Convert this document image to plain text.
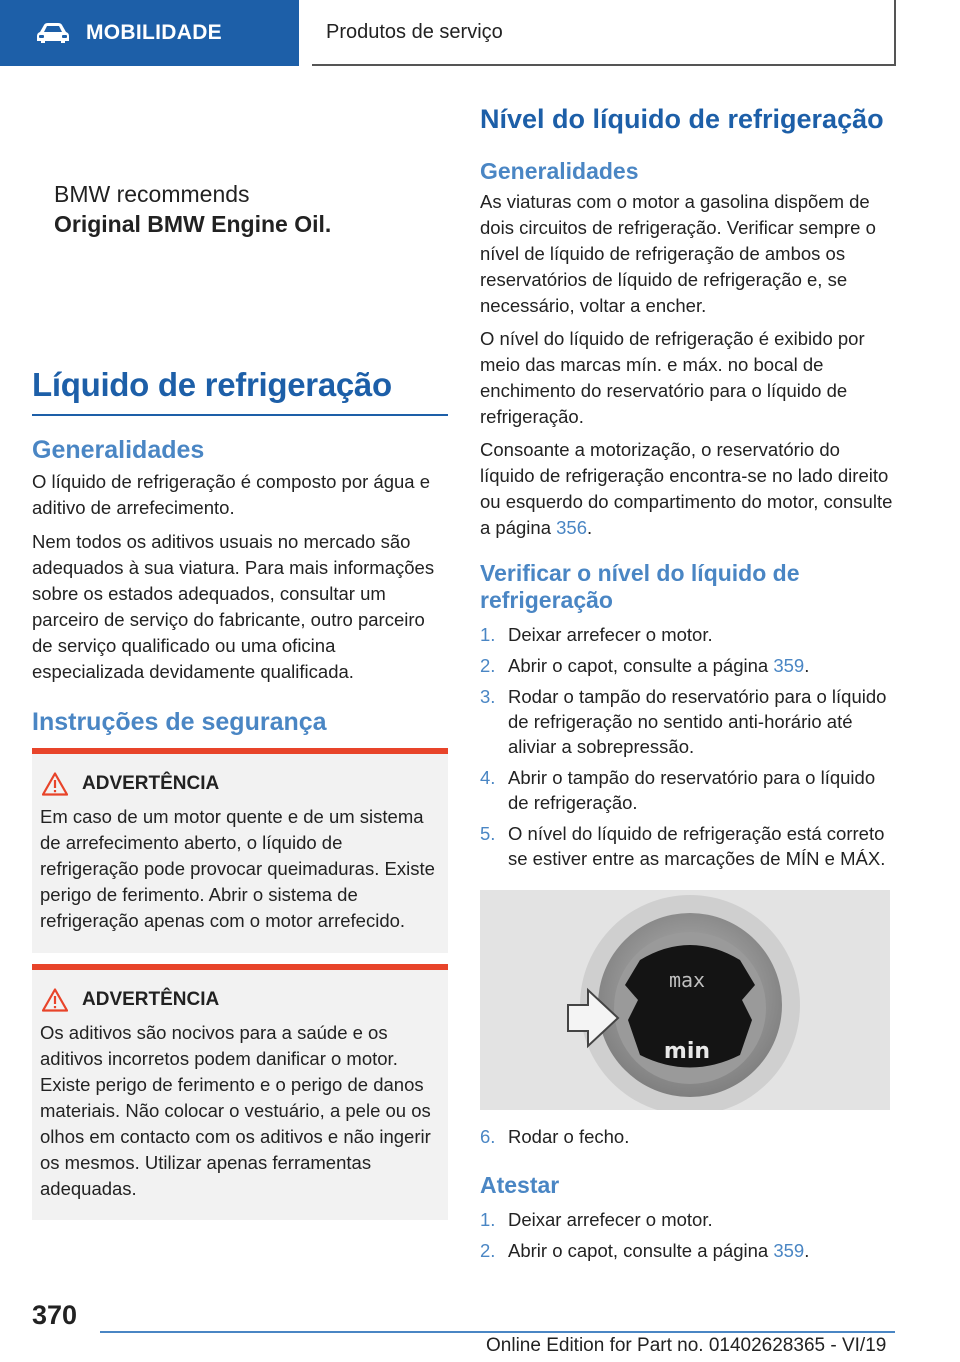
MOBILIDADE	Produtos de serviço
BMW recommends
Original BMW Engine Oil.
Líquido de refrigeração
Generalidades

O líquido de refrigeração é composto por água e aditivo de arrefecimento.

Nem todos os aditivos usuais no mercado são adequados à sua viatura. Para mais informações sobre os estados adequados, consultar um parceiro de serviço do fabricante, outro parceiro de serviço qualificado ou uma oficina especializada devidamente qualificada.

Instruções de segurança
ADVERTÊNCIA

Em caso de um motor quente e de um sistema de arrefecimento aberto, o líquido de refrigeração pode provocar queimaduras. Existe perigo de ferimento. Abrir o sistema de refrigeração apenas com o motor arrefecido.

ADVERTÊNCIA

Os aditivos são nocivos para a saúde e os aditivos incorretos podem danificar o motor. Existe perigo de ferimento e o perigo de danos materiais. Não colocar o vestuário, a pele ou os olhos em contacto com os aditivos e não ingerir os mesmos. Utilizar apenas ferramentas adequadas.

Nível do líquido de refrigeração
Generalidades

As viaturas com o motor a gasolina dispõem de dois circuitos de refrigeração. Verificar sempre o nível de líquido de refrigeração de ambos os reservatórios de líquido de refrigeração e, se necessário, voltar a encher.

O nível do líquido de refrigeração é exibido por meio das marcas mín. e máx. no bocal de enchimento do reservatório para o líquido de refrigeração.

Consoante a motorização, o reservatório do líquido de refrigeração encontra-se no lado direito ou esquerdo do compartimento do motor, consulte a página 356.

Verificar o nível do líquido de refrigeração
1. Deixar arrefecer o motor.
2. Abrir o capot, consulte a página 359.
3. Rodar o tampão do reservatório para o líquido de refrigeração no sentido anti-horário até aliviar a sobrepressão.
4. Abrir o tampão do reservatório para o líquido de refrigeração.
5. O nível do líquido de refrigeração está correto se estiver entre as marcações de MÍN e MÁX.
max
min
6. Rodar o fecho.
Atestar
1. Deixar arrefecer o motor.
2. Abrir o capot, consulte a página 359.
370
Online Edition for Part no. 01402628365 - VI/19
